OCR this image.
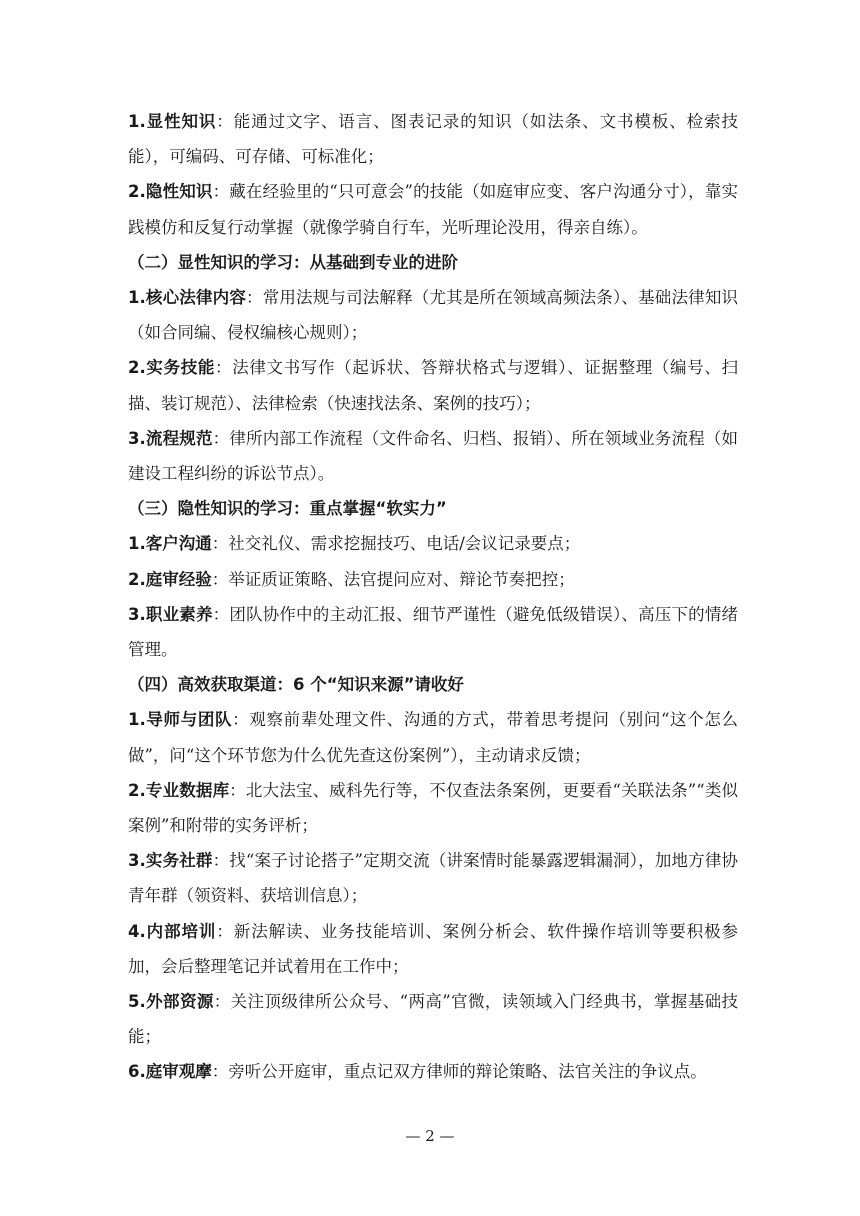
1.显性知识：能通过文字、语言、图表记录的知识（如法条、文书模板、检索技能），可编码、可存储、可标准化；

2.隐性知识：藏在经验里的“只可意会”的技能（如庭审应变、客户沟通分寸），靠实践模仿和反复行动掌握（就像学骑自行车，光听理论没用，得亲自练）。

（二）显性知识的学习：从基础到专业的进阶

1.核心法律内容：常用法规与司法解释（尤其是所在领域高频法条）、基础法律知识（如合同编、侵权编核心规则）；

2.实务技能：法律文书写作（起诉状、答辩状格式与逻辑）、证据整理（编号、扫描、装订规范）、法律检索（快速找法条、案例的技巧）；

3.流程规范：律所内部工作流程（文件命名、归档、报销）、所在领域业务流程（如建设工程纠纷的诉讼节点）。

（三）隐性知识的学习：重点掌握“软实力”

1.客户沟通：社交礼仪、需求挖掘技巧、电话/会议记录要点；

2.庭审经验：举证质证策略、法官提问应对、辩论节奏把控；

3.职业素养：团队协作中的主动汇报、细节严谨性（避免低级错误）、高压下的情绪管理。

（四）高效获取渠道：6 个“知识来源”请收好

1.导师与团队：观察前辈处理文件、沟通的方式，带着思考提问（别问“这个怎么做”，问“这个环节您为什么优先查这份案例”），主动请求反馈；

2.专业数据库：北大法宝、威科先行等，不仅查法条案例，更要看“关联法条”“类似案例”和附带的实务评析；

3.实务社群：找“案子讨论搭子”定期交流（讲案情时能暴露逻辑漏洞），加地方律协青年群（领资料、获培训信息）；

4.内部培训：新法解读、业务技能培训、案例分析会、软件操作培训等要积极参加，会后整理笔记并试着用在工作中；

5.外部资源：关注顶级律所公众号、“两高”官微，读领域入门经典书，掌握基础技能；

6.庭审观摩：旁听公开庭审，重点记双方律师的辩论策略、法官关注的争议点。

— 2 —
